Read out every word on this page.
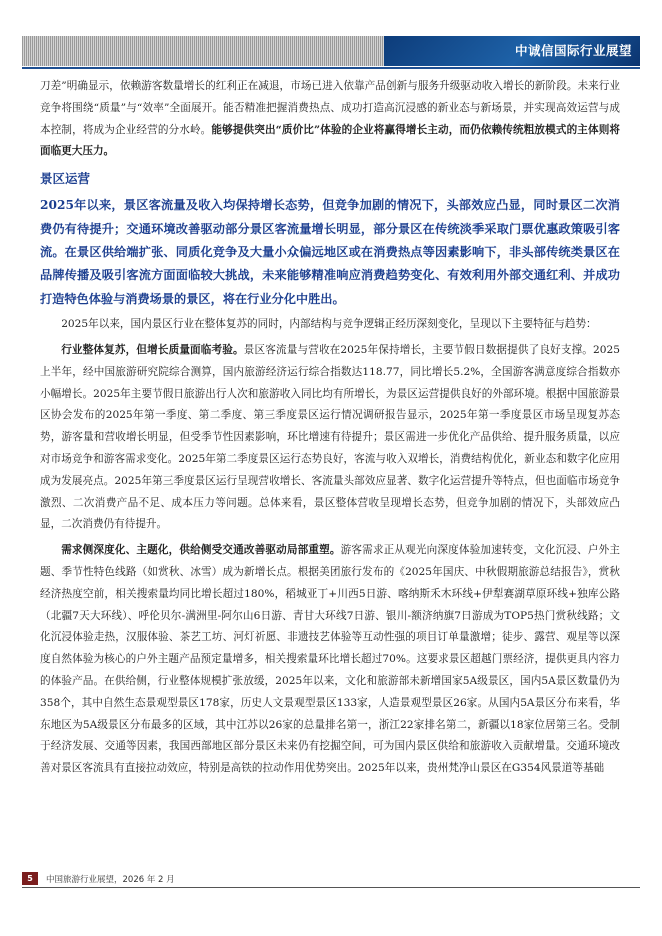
中诚信国际行业展望

刀差”明确显示，依赖游客数量增长的红利正在减退，市场已进入依靠产品创新与服务升级驱动收入增长的新阶段。未来行业竞争将围绕“质量”与“效率”全面展开。能否精准把握消费热点、成功打造高沉浸感的新业态与新场景，并实现高效运营与成本控制，将成为企业经营的分水岭。能够提供突出“质价比”体验的企业将赢得增长主动，而仍依赖传统粗放模式的主体则将面临更大压力。

景区运营

2025年以来，景区客流量及收入均保持增长态势，但竞争加剧的情况下，头部效应凸显，同时景区二次消费仍有待提升；交通环境改善驱动部分景区客流量增长明显，部分景区在传统淡季采取门票优惠政策吸引客流。在景区供给端扩张、同质化竞争及大量小众偏远地区或在消费热点等因素影响下，非头部传统类景区在品牌传播及吸引客流方面面临较大挑战，未来能够精准响应消费趋势变化、有效利用外部交通红利、并成功打造特色体验与消费场景的景区，将在行业分化中胜出。

2025年以来，国内景区行业在整体复苏的同时，内部结构与竞争逻辑正经历深刻变化，呈现以下主要特征与趋势：

行业整体复苏，但增长质量面临考验。景区客流量与营收在2025年保持增长，主要节假日数据提供了良好支撑。2025上半年，经中国旅游研究院综合测算，国内旅游经济运行综合指数达118.77，同比增长5.2%，全国游客满意度综合指数亦小幅增长。2025年主要节假日旅游出行人次和旅游收入同比均有所增长，为景区运营提供良好的外部环境。根据中国旅游景区协会发布的2025年第一季度、第二季度、第三季度景区运行情况调研报告显示，2025年第一季度景区市场呈现复苏态势，游客量和营收增长明显，但受季节性因素影响，环比增速有待提升；景区需进一步优化产品供给、提升服务质量，以应对市场竞争和游客需求变化。2025年第二季度景区运行态势良好，客流与收入双增长，消费结构优化，新业态和数字化应用成为发展亮点。2025年第三季度景区运行呈现营收增长、客流量头部效应显著、数字化运营提升等特点，但也面临市场竞争激烈、二次消费产品不足、成本压力等问题。总体来看，景区整体营收呈现增长态势，但竞争加剧的情况下，头部效应凸显，二次消费仍有待提升。

需求侧深度化、主题化，供给侧受交通改善驱动局部重塑。游客需求正从观光向深度体验加速转变，文化沉浸、户外主题、季节性特色线路（如赏秋、冰雪）成为新增长点。根据美团旅行发布的《2025年国庆、中秋假期旅游总结报告》，赏秋经济热度空前，相关搜索量均同比增长超过180%，稻城亚丁+川西5日游、喀纳斯禾木环线+伊犁赛湖草原环线+独库公路（北疆7天大环线）、呼伦贝尔-满洲里-阿尔山6日游、青甘大环线7日游、银川-额济纳旗7日游成为TOP5热门赏秋线路；文化沉浸体验走热，汉服体验、茶艺工坊、河灯祈愿、非遗技艺体验等互动性强的项目订单量激增；徒步、露营、观星等以深度自然体验为核心的户外主题产品预定量增多，相关搜索量环比增长超过70%。这要求景区超越门票经济，提供更具内容力的体验产品。在供给侧，行业整体规模扩张放缓，2025年以来，文化和旅游部未新增国家5A级景区，国内5A景区数量仍为358个，其中自然生态景观型景区178家，历史人文景观型景区133家，人造景观型景区26家。从国内5A景区分布来看，华东地区为5A级景区分布最多的区域，其中江苏以26家的总量排名第一，浙江22家排名第二，新疆以18家位居第三名。受制于经济发展、交通等因素，我国西部地区部分景区未来仍有挖掘空间，可为国内景区供给和旅游收入贡献增量。交通环境改善对景区客流具有直接拉动效应，特别是高铁的拉动作用优势突出。2025年以来，贵州梵净山景区在G354风景道等基础

5	中国旅游行业展望，2026 年 2 月
